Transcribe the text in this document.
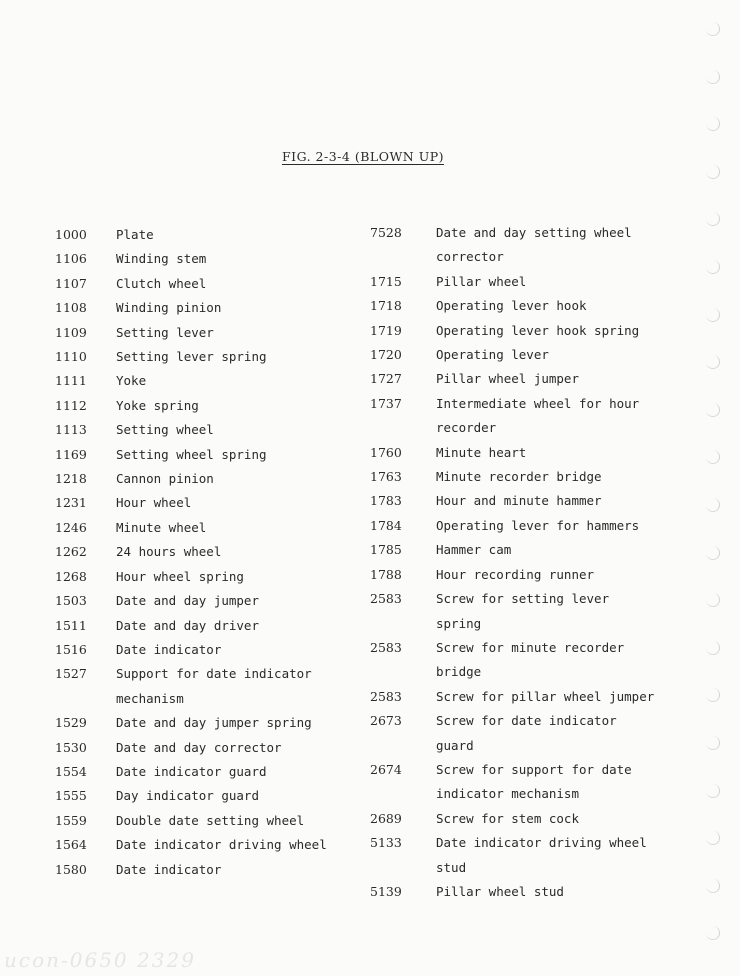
FIG. 2-3-4 (BLOWN UP)
1000	Plate
1106	Winding stem
1107	Clutch wheel
1108	Winding pinion
1109	Setting lever
1110	Setting lever spring
1111	Yoke
1112	Yoke spring
1113	Setting wheel
1169	Setting wheel spring
1218	Cannon pinion
1231	Hour wheel
1246	Minute wheel
1262	24 hours wheel
1268	Hour wheel spring
1503	Date and day jumper
1511	Date and day driver
1516	Date indicator
1527	Support for date indicator mechanism
1529	Date and day jumper spring
1530	Date and day corrector
1554	Date indicator guard
1555	Day indicator guard
1559	Double date setting wheel
1564	Date indicator driving wheel
1580	Date indicator
7528	Date and day setting wheel corrector
1715	Pillar wheel
1718	Operating lever hook
1719	Operating lever hook spring
1720	Operating lever
1727	Pillar wheel jumper
1737	Intermediate wheel for hour recorder
1760	Minute heart
1763	Minute recorder bridge
1783	Hour and minute hammer
1784	Operating lever for hammers
1785	Hammer cam
1788	Hour recording runner
2583	Screw for setting lever spring
2583	Screw for minute recorder bridge
2583	Screw for pillar wheel jumper
2673	Screw for date indicator guard
2674	Screw for support for date indicator mechanism
2689	Screw for stem cock
5133	Date indicator driving wheel stud
5139	Pillar wheel stud
ucon-0650 2329
